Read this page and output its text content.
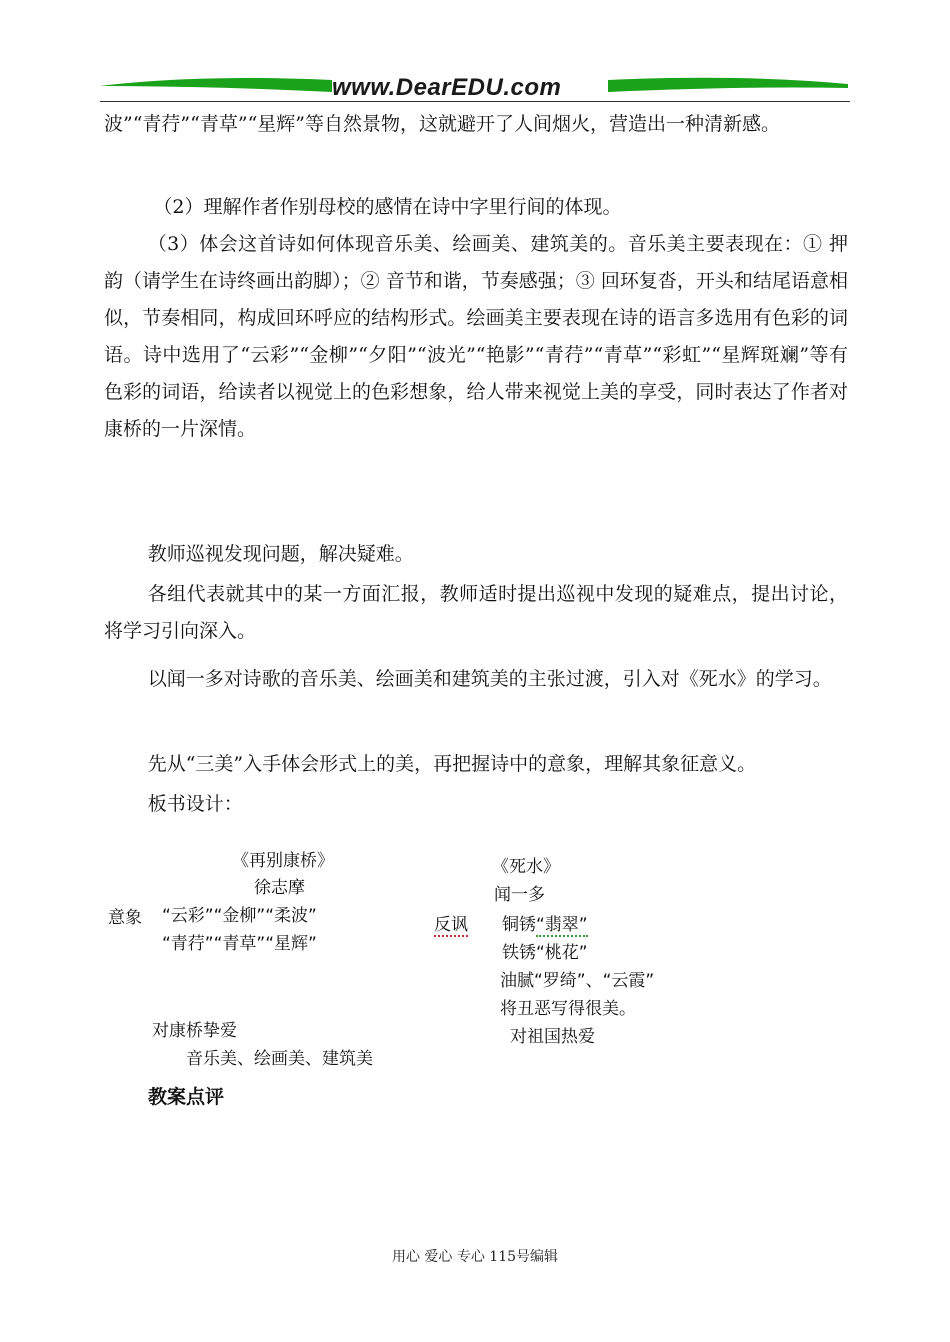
www.DearEDU.com

波”“青荇”“青草”“星辉”等自然景物，这就避开了人间烟火，营造出一种清新感。

（2）理解作者作别母校的感情在诗中字里行间的体现。

（3）体会这首诗如何体现音乐美、绘画美、建筑美的。音乐美主要表现在：① 押韵（请学生在诗终画出韵脚）；② 音节和谐，节奏感强；③ 回环复沓，开头和结尾语意相似，节奏相同，构成回环呼应的结构形式。绘画美主要表现在诗的语言多选用有色彩的词语。诗中选用了“云彩”“金柳”“夕阳”“波光”“艳影”“青荇”“青草”“彩虹”“星辉斑斓”等有色彩的词语，给读者以视觉上的色彩想象，给人带来视觉上美的享受，同时表达了作者对康桥的一片深情。

教师巡视发现问题，解决疑难。

各组代表就其中的某一方面汇报，教师适时提出巡视中发现的疑难点，提出讨论，将学习引向深入。

以闻一多对诗歌的音乐美、绘画美和建筑美的主张过渡，引入对《死水》的学习。

先从“三美”入手体会形式上的美，再把握诗中的意象，理解其象征意义。

板书设计：

《再别康桥》
徐志摩
意象 “云彩”“金柳”“柔波”
“青荇”“青草”“星辉”
对康桥挚爱
音乐美、绘画美、建筑美
《死水》
闻一多
反讽 铜锈“翡翠”
铁锈“桃花”
油腻“罗绮”、“云霞”
将丑恶写得很美。
对祖国热爱
教案点评
用心 爱心 专心 115号编辑
